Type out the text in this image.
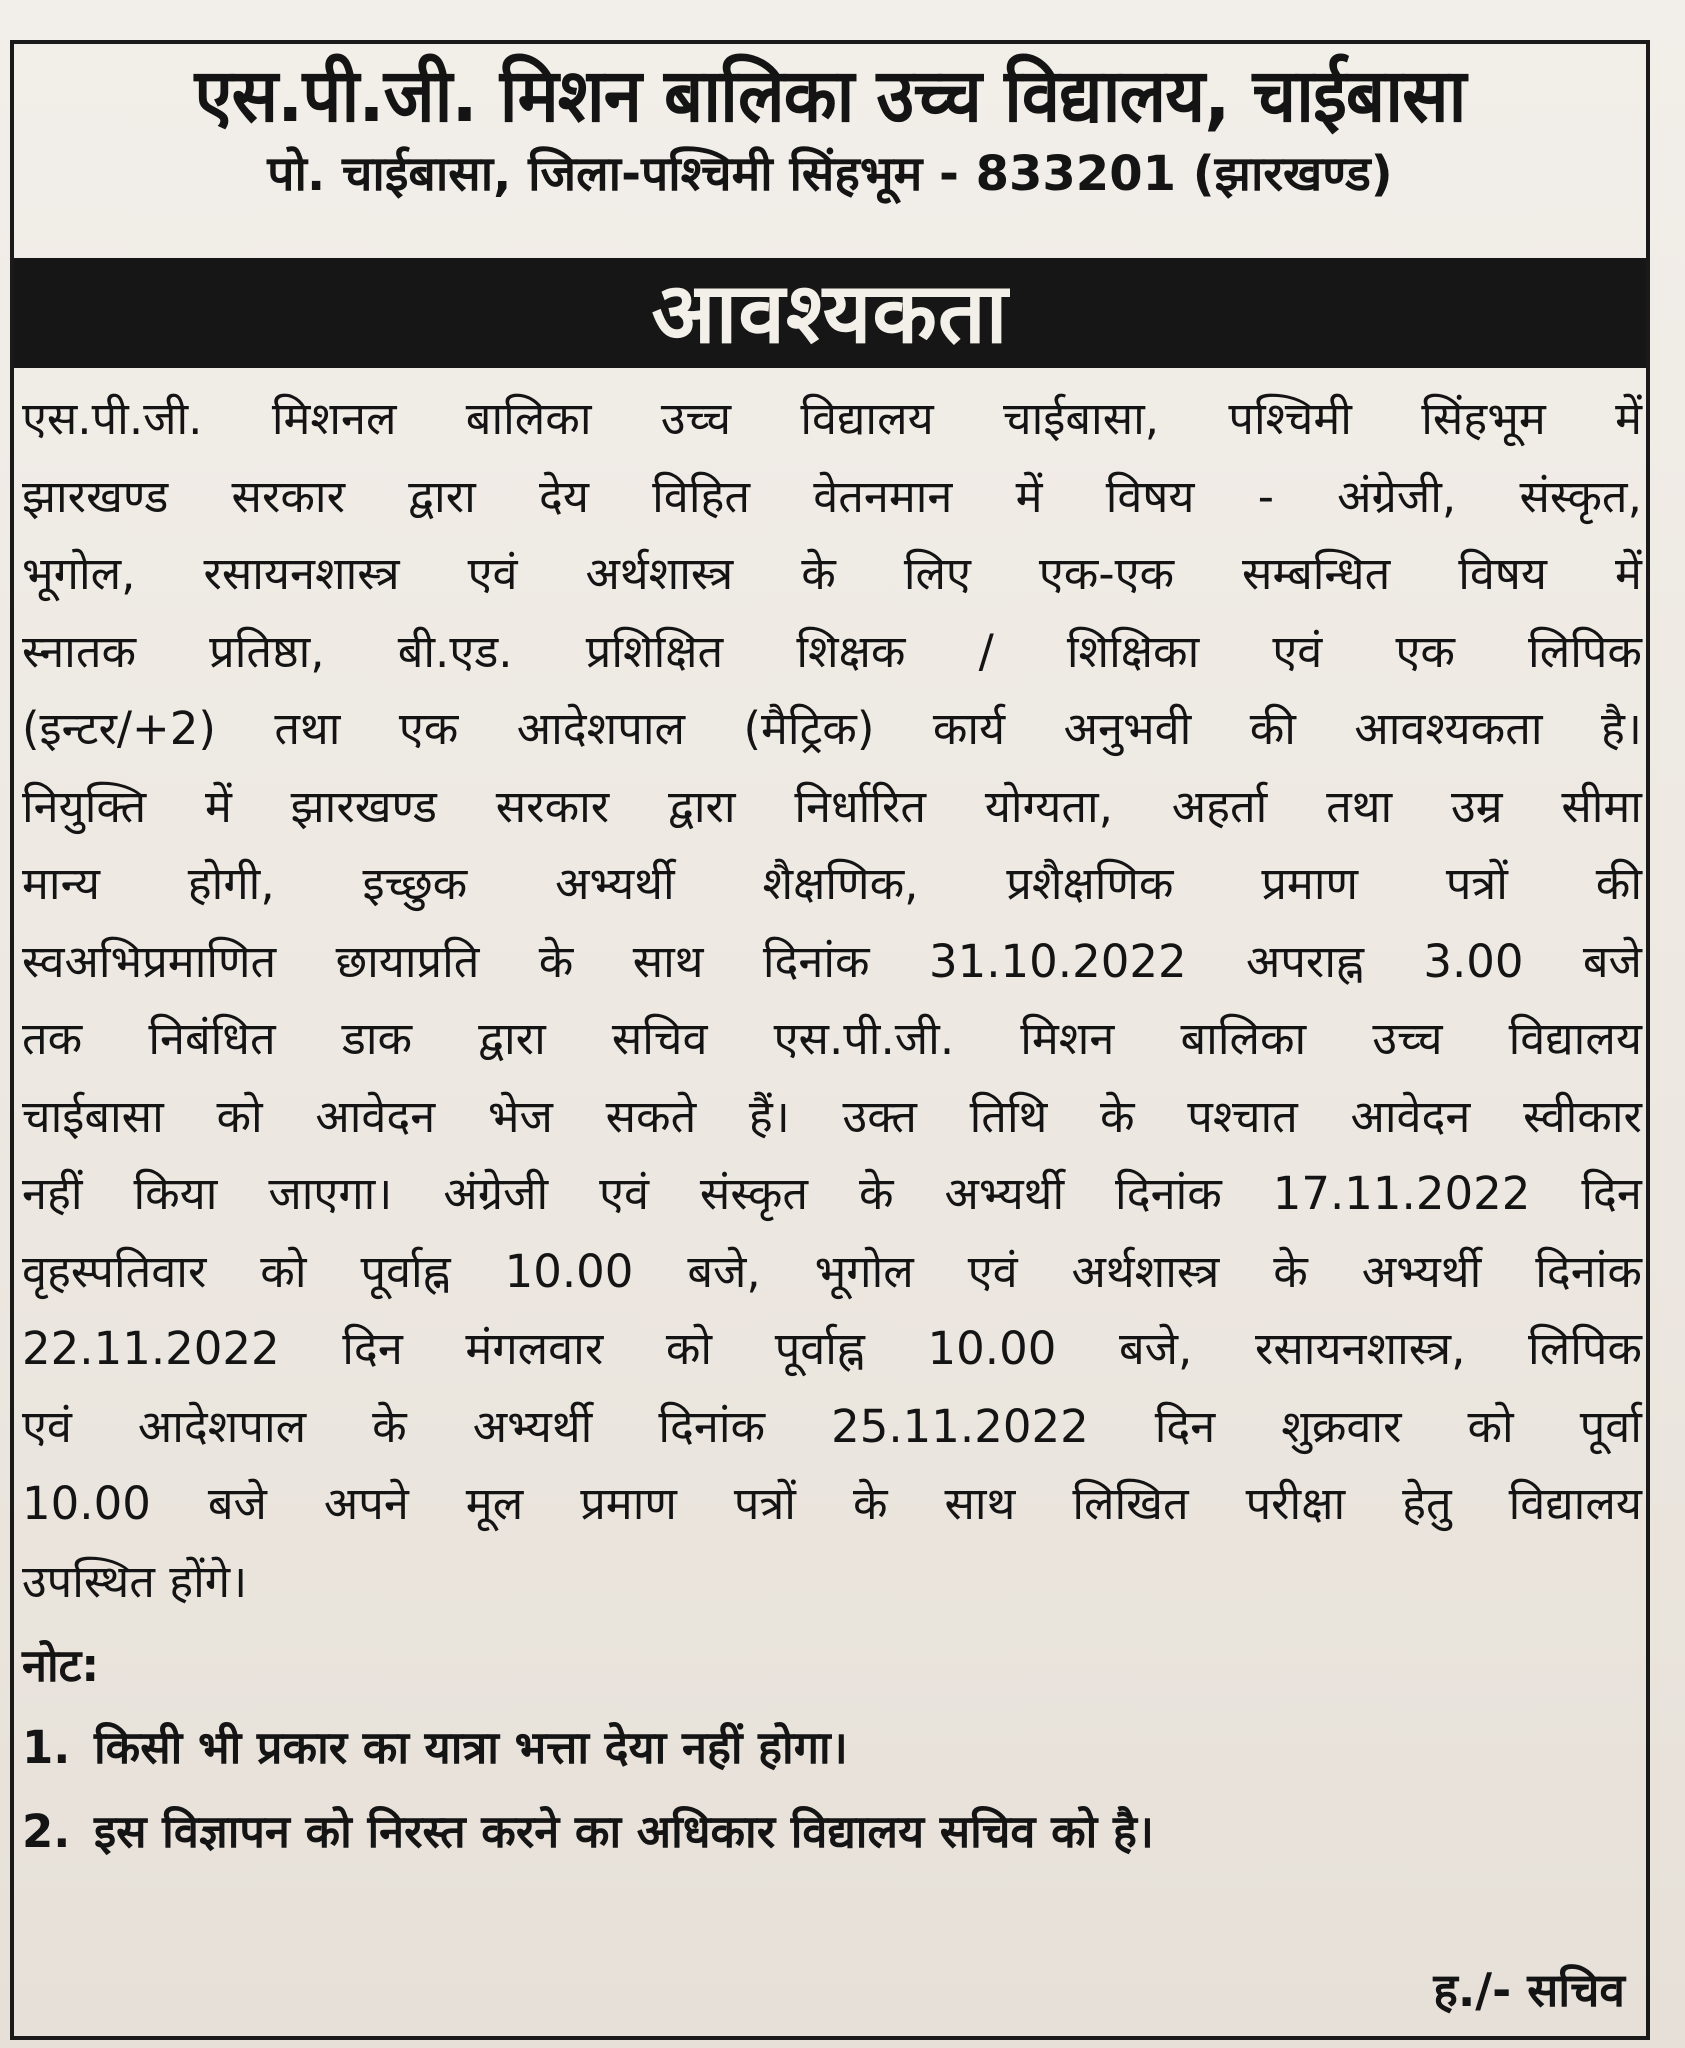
एस.पी.जी. मिशन बालिका उच्च विद्यालय, चाईबासा
पो. चाईबासा, जिला-पश्चिमी सिंहभूम - 833201 (झारखण्ड)
आवश्यकता
एस.पी.जी. मिशनल बालिका उच्च विद्यालय चाईबासा, पश्चिमी सिंहभूम में
झारखण्ड सरकार द्वारा देय विहित वेतनमान में विषय - अंग्रेजी, संस्कृत,
भूगोल, रसायनशास्त्र एवं अर्थशास्त्र के लिए एक-एक सम्बन्धित विषय में
स्नातक प्रतिष्ठा, बी.एड. प्रशिक्षित शिक्षक / शिक्षिका एवं एक लिपिक
(इन्टर/+2) तथा एक आदेशपाल (मैट्रिक) कार्य अनुभवी की आवश्यकता है।
नियुक्ति में झारखण्ड सरकार द्वारा निर्धारित योग्यता, अहर्ता तथा उम्र सीमा
मान्य होगी, इच्छुक अभ्यर्थी शैक्षणिक, प्रशैक्षणिक प्रमाण पत्रों की
स्वअभिप्रमाणित छायाप्रति के साथ दिनांक 31.10.2022 अपराह्न 3.00 बजे
तक निबंधित डाक द्वारा सचिव एस.पी.जी. मिशन बालिका उच्च विद्यालय
चाईबासा को आवेदन भेज सकते हैं। उक्त तिथि के पश्चात आवेदन स्वीकार
नहीं किया जाएगा। अंग्रेजी एवं संस्कृत के अभ्यर्थी दिनांक 17.11.2022 दिन
वृहस्पतिवार को पूर्वाह्न 10.00 बजे, भूगोल एवं अर्थशास्त्र के अभ्यर्थी दिनांक
22.11.2022 दिन मंगलवार को पूर्वाह्न 10.00 बजे, रसायनशास्त्र, लिपिक
एवं आदेशपाल के अभ्यर्थी दिनांक 25.11.2022 दिन शुक्रवार को पूर्वा
10.00 बजे अपने मूल प्रमाण पत्रों के साथ लिखित परीक्षा हेतु विद्यालय
उपस्थित होंगे।
नोट:
1. किसी भी प्रकार का यात्रा भत्ता देया नहीं होगा।
2. इस विज्ञापन को निरस्त करने का अधिकार विद्यालय सचिव को है।
ह./- सचिव
